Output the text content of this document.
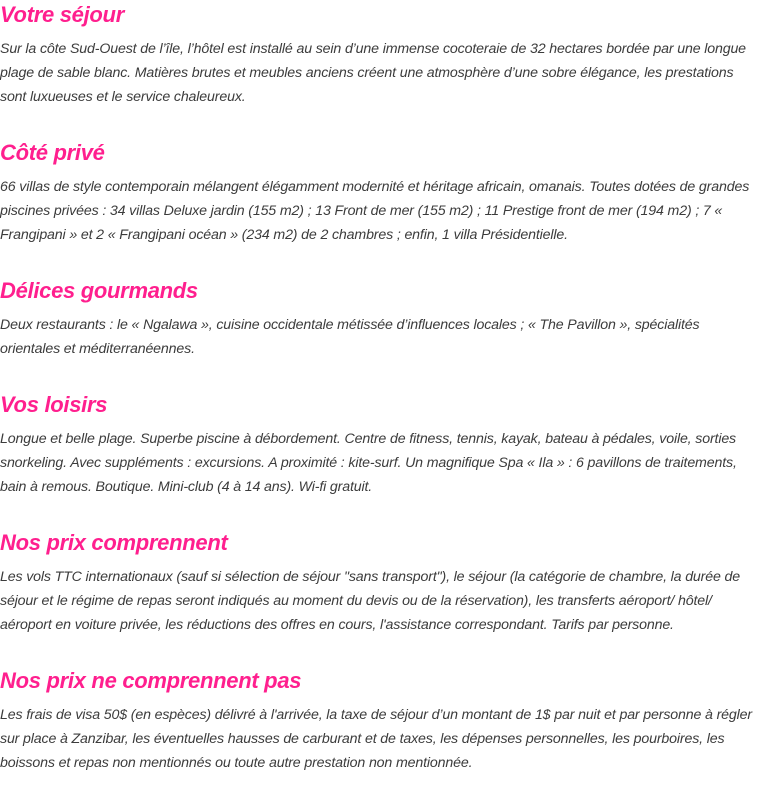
Votre séjour

Sur la côte Sud-Ouest de l’île, l’hôtel est installé au sein d’une immense cocoteraie de 32 hectares bordée par une longue plage de sable blanc. Matières brutes et meubles anciens créent une atmosphère d’une sobre élégance, les prestations sont luxueuses et le service chaleureux.

Côté privé

66 villas de style contemporain mélangent élégamment modernité et héritage africain, omanais. Toutes dotées de grandes piscines privées : 34 villas Deluxe jardin (155 m2) ; 13 Front de mer (155 m2) ; 11 Prestige front de mer (194 m2) ; 7 « Frangipani » et 2 « Frangipani océan » (234 m2) de 2 chambres ; enfin, 1 villa Présidentielle.

Délices gourmands

Deux restaurants : le « Ngalawa », cuisine occidentale métissée d’influences locales ; « The Pavillon », spécialités orientales et méditerranéennes.

Vos loisirs

Longue et belle plage. Superbe piscine à débordement. Centre de fitness, tennis, kayak, bateau à pédales, voile, sorties snorkeling. Avec suppléments : excursions. A proximité : kite-surf. Un magnifique Spa « Ila » : 6 pavillons de traitements, bain à remous. Boutique. Mini-club (4 à 14 ans). Wi-fi gratuit.

Nos prix comprennent

Les vols TTC internationaux (sauf si sélection de séjour "sans transport"), le séjour (la catégorie de chambre, la durée de séjour et le régime de repas seront indiqués au moment du devis ou de la réservation), les transferts aéroport/ hôtel/ aéroport en voiture privée, les réductions des offres en cours, l'assistance correspondant. Tarifs par personne.

Nos prix ne comprennent pas

Les frais de visa 50$ (en espèces) délivré à l'arrivée, la taxe de séjour d’un montant de 1$ par nuit et par personne à régler sur place à Zanzibar, les éventuelles hausses de carburant et de taxes, les dépenses personnelles, les pourboires, les boissons et repas non mentionnés ou toute autre prestation non mentionnée.
